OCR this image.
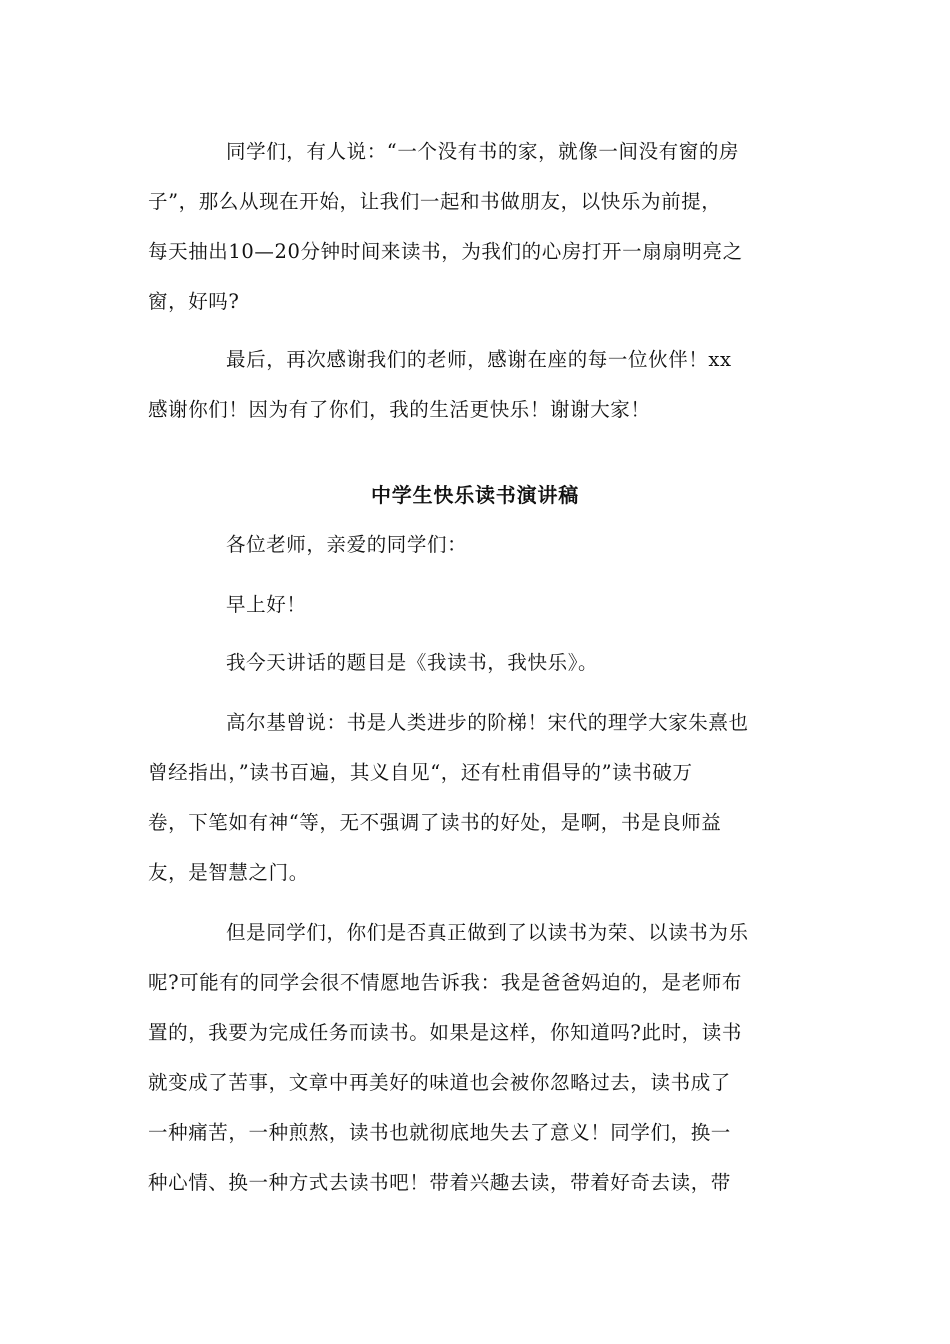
同学们，有人说：“一个没有书的家，就像一间没有窗的房
子”，那么从现在开始，让我们一起和书做朋友，以快乐为前提，
每天抽出10—20分钟时间来读书，为我们的心房打开一扇扇明亮之
窗，好吗?
最后，再次感谢我们的老师，感谢在座的每一位伙伴！xx
感谢你们！因为有了你们，我的生活更快乐！谢谢大家！
中学生快乐读书演讲稿
各位老师，亲爱的同学们：
早上好！
我今天讲话的题目是《我读书，我快乐》。
高尔基曾说：书是人类进步的阶梯！宋代的理学大家朱熹也
曾经指出，”读书百遍，其义自见“，还有杜甫倡导的”读书破万
卷，下笔如有神“等，无不强调了读书的好处，是啊，书是良师益
友，是智慧之门。
但是同学们，你们是否真正做到了以读书为荣、以读书为乐
呢?可能有的同学会很不情愿地告诉我：我是爸爸妈迫的，是老师布
置的，我要为完成任务而读书。如果是这样，你知道吗?此时，读书
就变成了苦事，文章中再美好的味道也会被你忽略过去，读书成了
一种痛苦，一种煎熬，读书也就彻底地失去了意义！同学们，换一
种心情、换一种方式去读书吧！带着兴趣去读，带着好奇去读，带
